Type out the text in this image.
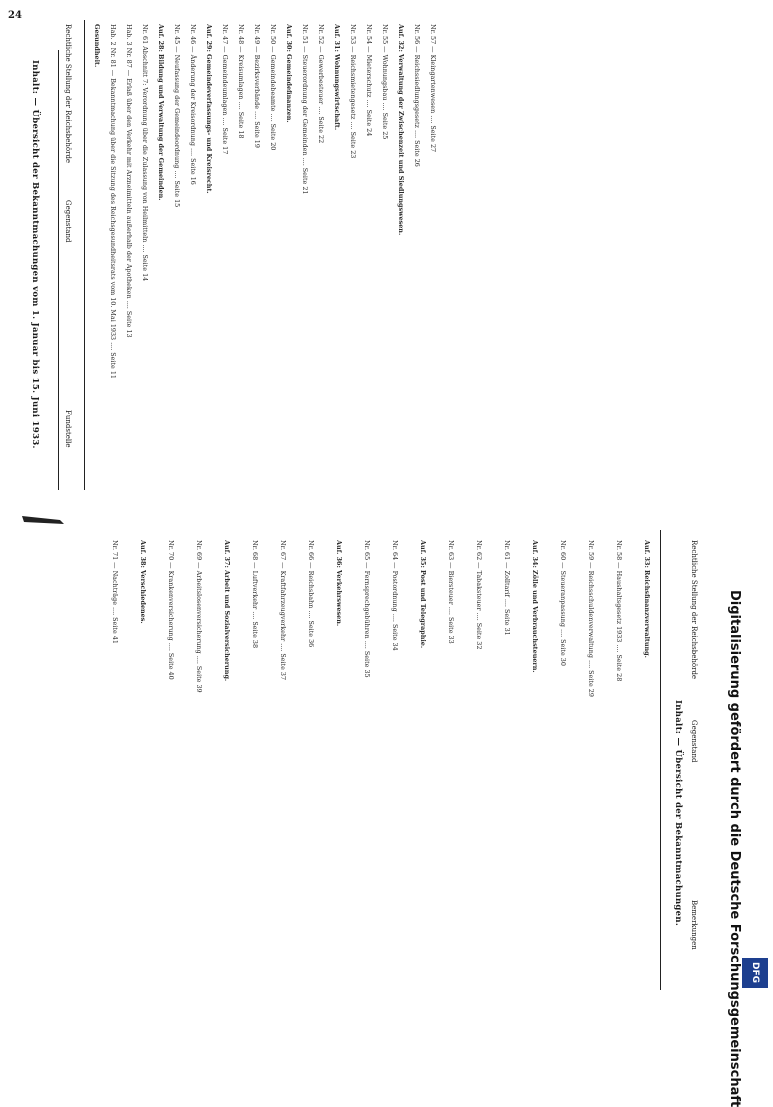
24
Inhalt: — Übersicht der Bekanntmachungen vom 1. Januar bis 15. Juni 1933.	Rechtliche Stellung der Reichsbehörde
Gegenstand
Fundstelle
Gesundheit. Hab. 2 Nr. 81 — Bekanntmachung über die Sitzung des Reichsgesundheitsrats vom 10. Mai 1933 .... Seite 11 Hab. 3 Nr. 87 — Erlaß über den Verkehr mit Arzneimitteln außerhalb der Apotheken .... Seite 13 Nr. 61 Abschnitt 7: Verordnung über die Zulassung von Heilmitteln .... Seite 14 Auf. 28: Bildung und Verwaltung der Gemeinden. Nr. 45 — Neufassung der Gemeindeordnung .... Seite 15 Nr. 46 — Änderung der Kreisordnung .... Seite 16 Auf. 29: Gemeindeverfassungs- und Kreisrecht. Nr. 47 — Gemeindeumlagen .... Seite 17 Nr. 48 — Kreisumlagen .... Seite 18 Nr. 49 — Bezirksverbände .... Seite 19 Nr. 50 — Gemeindebeamte .... Seite 20 Auf. 30: Gemeindefinanzen. Nr. 51 — Steuerordnung der Gemeinden .... Seite 21 Nr. 52 — Gewerbesteuer .... Seite 22 Auf. 31: Wohnungswirtschaft. Nr. 53 — Reichsmietengesetz .... Seite 23 Nr. 54 — Mieterschutz .... Seite 24 Nr. 55 — Wohnungsbau .... Seite 25 Auf. 32: Verwaltung der Zwischenzeit und Siedlungswesen. Nr. 56 — Reichssiedlungsgesetz .... Seite 26 Nr. 57 — Kleingartenwesen .... Seite 27
Inhalt: — Übersicht der Bekanntmachungen.
Rechtliche Stellung der Reichsbehörde
Gegenstand
Bemerkungen
Auf. 33: Reichsfinanzverwaltung.
Nr. 58 — Haushaltsgesetz 1933 .... Seite 28
Nr. 59 — Reichsschuldenverwaltung .... Seite 29
Nr. 60 — Steueranpassung .... Seite 30
Auf. 34: Zölle und Verbrauchsteuern.
Nr. 61 — Zolltarif .... Seite 31
Nr. 62 — Tabaksteuer .... Seite 32
Nr. 63 — Biersteuer .... Seite 33
Auf. 35: Post und Telegraphie.
Nr. 64 — Postordnung .... Seite 34
Nr. 65 — Fernsprechgebühren .... Seite 35
Auf. 36: Verkehrswesen.
Nr. 66 — Reichsbahn .... Seite 36
Nr. 67 — Kraftfahrzeugverkehr .... Seite 37
Nr. 68 — Luftverkehr .... Seite 38
Auf. 37: Arbeit und Sozialversicherung.
Nr. 69 — Arbeitslosenversicherung .... Seite 39
Nr. 70 — Krankenversicherung .... Seite 40
Auf. 38: Verschiedenes.
Nr. 71 — Nachträge .... Seite 41	Digitalisierung gefördert durch die Deutsche Forschungsgemeinschaft DFG
